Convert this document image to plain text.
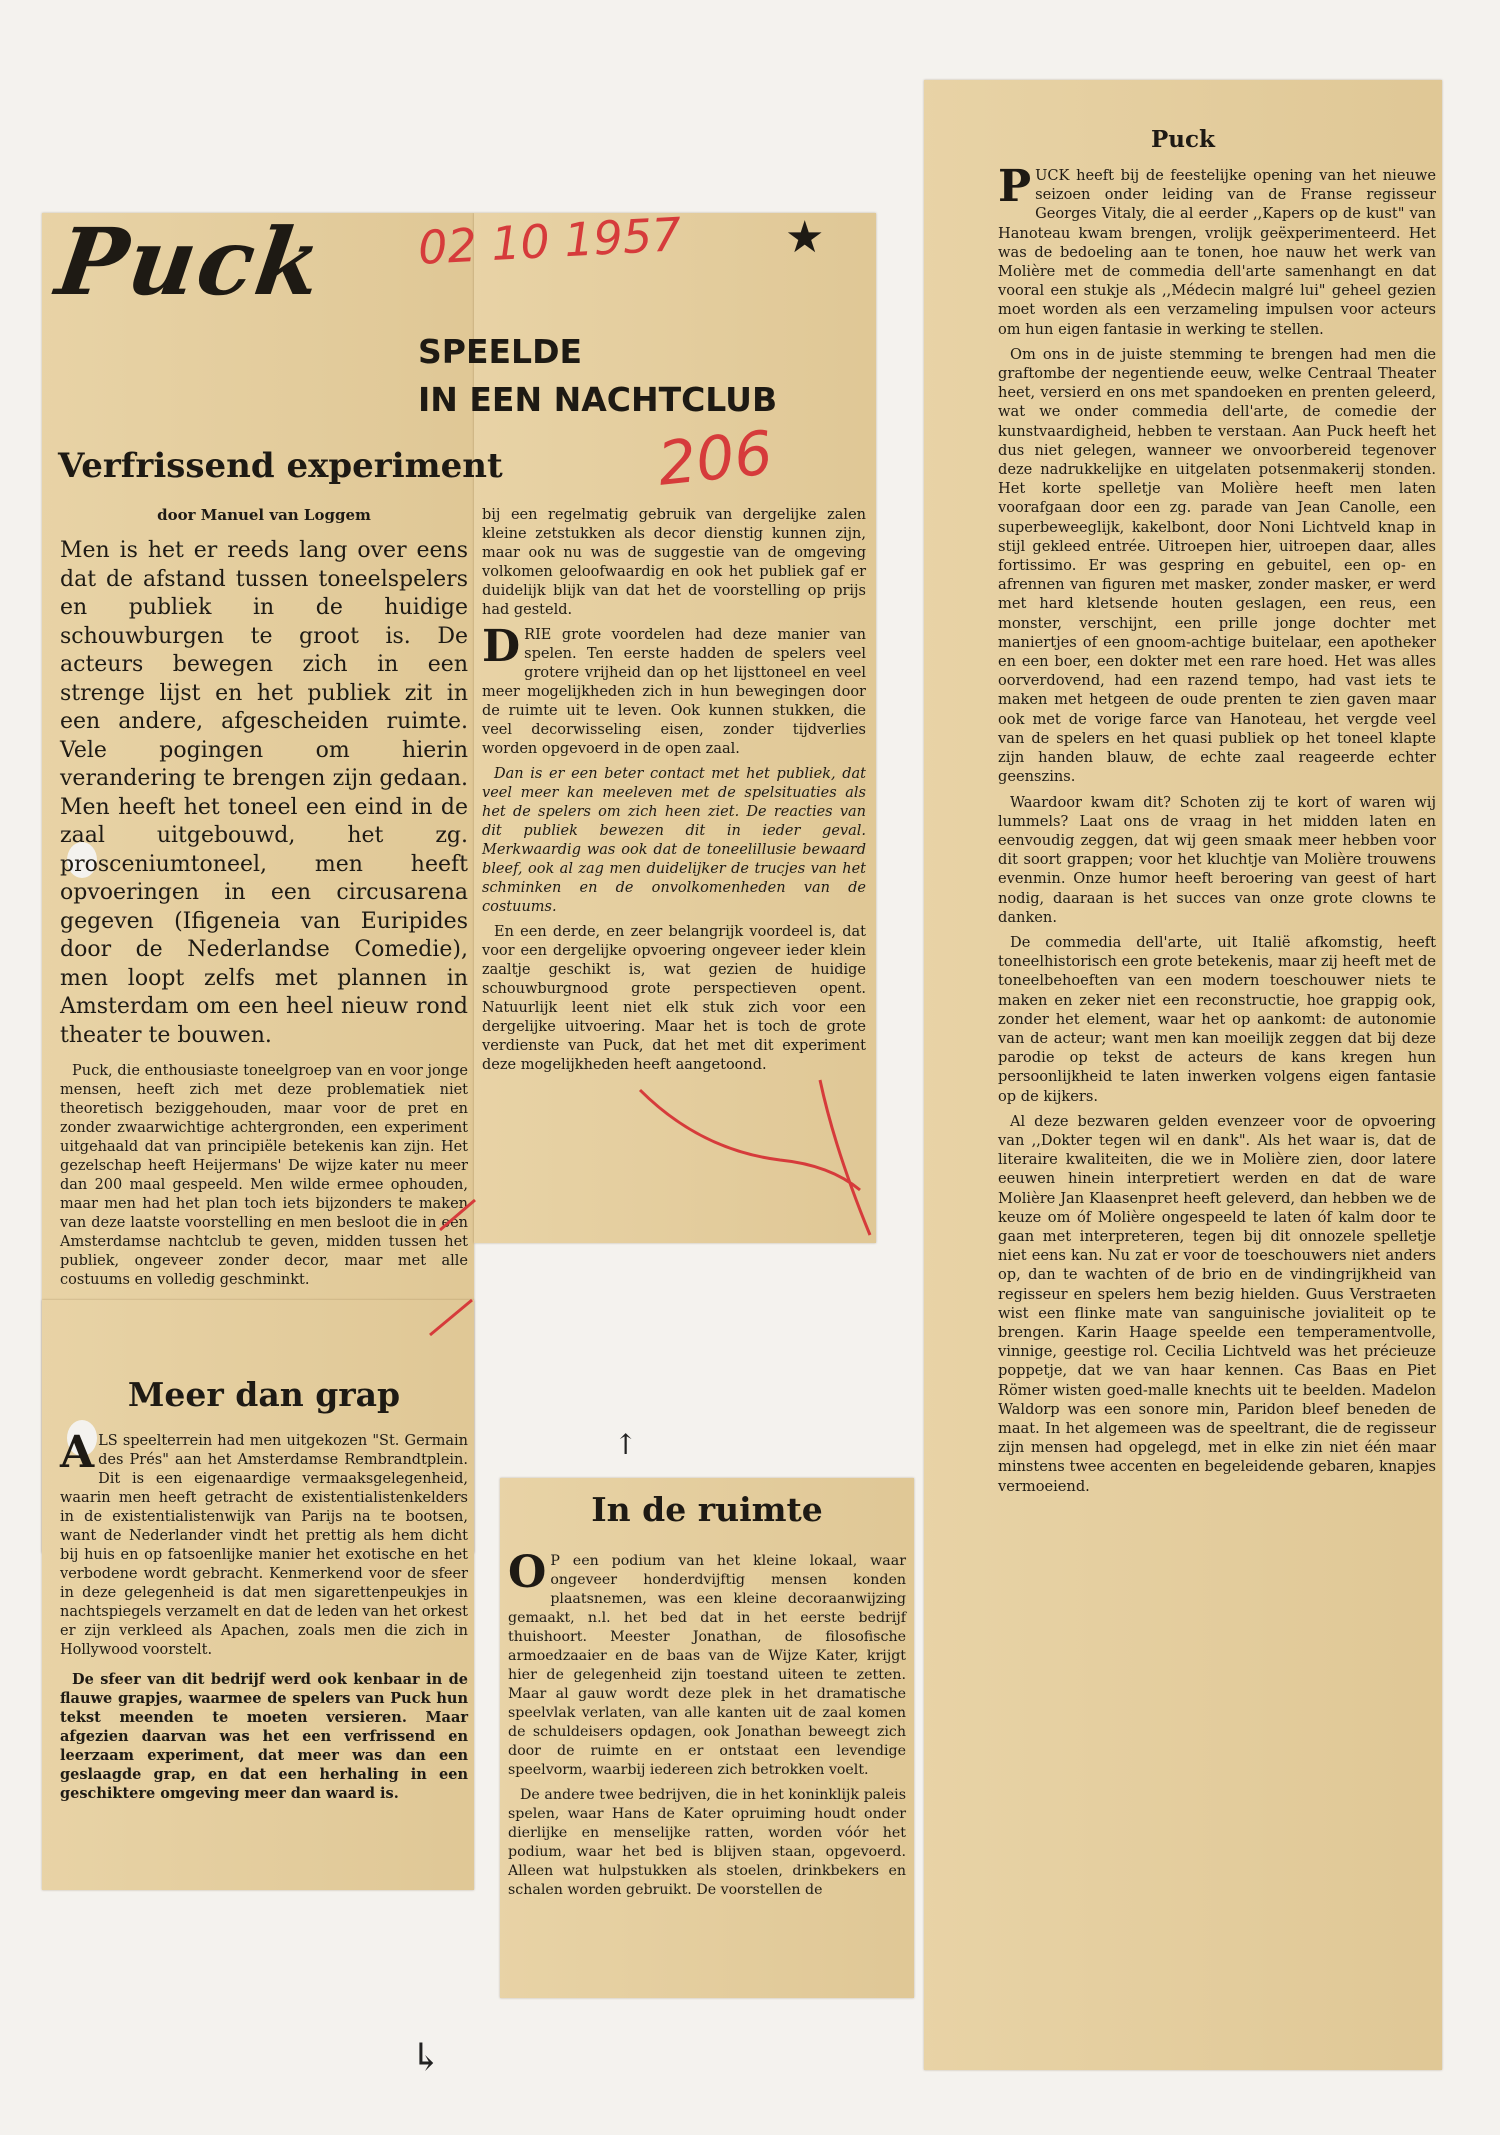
Puck	★
SPEELDE
IN EEN NACHTCLUB
Verfrissend experiment
door Manuel van Loggem

Men is het er reeds lang over eens dat de afstand tussen toneelspelers en publiek in de huidige schouwburgen te groot is. De acteurs bewegen zich in een strenge lijst en het publiek zit in een andere, afgescheiden ruimte. Vele pogingen om hierin verandering te brengen zijn gedaan. Men heeft het toneel een eind in de zaal uitgebouwd, het zg. prosceniumtoneel, men heeft opvoeringen in een circusarena gegeven (Ifigeneia van Euripides door de Nederlandse Comedie), men loopt zelfs met plannen in Amsterdam om een heel nieuw rond theater te bouwen.

Puck, die enthousiaste toneelgroep van en voor jonge mensen, heeft zich met deze problematiek niet theoretisch beziggehouden, maar voor de pret en zonder zwaarwichtige achtergronden, een experiment uitgehaald dat van principiële betekenis kan zijn. Het gezelschap heeft Heijermans' De wijze kater nu meer dan 200 maal gespeeld. Men wilde ermee ophouden, maar men had het plan toch iets bijzonders te maken van deze laatste voorstelling en men besloot die in een Amsterdamse nachtclub te geven, midden tussen het publiek, ongeveer zonder decor, maar met alle costuums en volledig geschminkt.

bij een regelmatig gebruik van dergelijke zalen kleine zetstukken als decor dienstig kunnen zijn, maar ook nu was de suggestie van de omgeving volkomen geloofwaardig en ook het publiek gaf er duidelijk blijk van dat het de voorstelling op prijs had gesteld.

DRIE grote voordelen had deze manier van spelen. Ten eerste hadden de spelers veel grotere vrijheid dan op het lijsttoneel en veel meer mogelijkheden zich in hun bewegingen door de ruimte uit te leven. Ook kunnen stukken, die veel decorwisseling eisen, zonder tijdverlies worden opgevoerd in de open zaal.

Dan is er een beter contact met het publiek, dat veel meer kan meeleven met de spelsituaties als het de spelers om zich heen ziet. De reacties van dit publiek bewezen dit in ieder geval. Merkwaardig was ook dat de toneelillusie bewaard bleef, ook al zag men duidelijker de trucjes van het schminken en de onvolkomenheden van de costuums.

En een derde, en zeer belangrijk voordeel is, dat voor een dergelijke opvoering ongeveer ieder klein zaaltje geschikt is, wat gezien de huidige schouwburgnood grote perspectieven opent. Natuurlijk leent niet elk stuk zich voor een dergelijke uitvoering. Maar het is toch de grote verdienste van Puck, dat het met dit experiment deze mogelijkheden heeft aangetoond.

Meer dan grap

ALS speelterrein had men uitgekozen "St. Germain des Prés" aan het Amsterdamse Rembrandtplein. Dit is een eigenaardige vermaaksgelegenheid, waarin men heeft getracht de existentialistenkelders in de existentialistenwijk van Parijs na te bootsen, want de Nederlander vindt het prettig als hem dicht bij huis en op fatsoenlijke manier het exotische en het verbodene wordt gebracht. Kenmerkend voor de sfeer in deze gelegenheid is dat men sigarettenpeukjes in nachtspiegels verzamelt en dat de leden van het orkest er zijn verkleed als Apachen, zoals men die zich in Hollywood voorstelt.

De sfeer van dit bedrijf werd ook kenbaar in de flauwe grapjes, waarmee de spelers van Puck hun tekst meenden te moeten versieren. Maar afgezien daarvan was het een verfrissend en leerzaam experiment, dat meer was dan een geslaagde grap, en dat een herhaling in een geschiktere omgeving meer dan waard is.

In de ruimte

O P een podium van het kleine lokaal, waar ongeveer honderdvijftig mensen konden plaatsnemen, was een kleine decoraanwijzing gemaakt, n.l. het bed dat in het eerste bedrijf thuishoort. Meester Jonathan, de filosofische armoedzaaier en de baas van de Wijze Kater, krijgt hier de gelegenheid zijn toestand uiteen te zetten. Maar al gauw wordt deze plek in het dramatische speelvlak verlaten, van alle kanten uit de zaal komen de schuldeisers opdagen, ook Jonathan beweegt zich door de ruimte en er ontstaat een levendige speelvorm, waarbij iedereen zich betrokken voelt.

De andere twee bedrijven, die in het koninklijk paleis spelen, waar Hans de Kater opruiming houdt onder dierlijke en menselijke ratten, worden vóór het podium, waar het bed is blijven staan, opgevoerd. Alleen wat hulpstukken als stoelen, drinkbekers en schalen worden gebruikt. De voorstellen de

Puck

PUCK heeft bij de feestelijke opening van het nieuwe seizoen onder leiding van de Franse regisseur Georges Vitaly, die al eerder ,,Kapers op de kust" van Hanoteau kwam brengen, vrolijk geëxperimenteerd. Het was de bedoeling aan te tonen, hoe nauw het werk van Molière met de commedia dell'arte samenhangt en dat vooral een stukje als ,,Médecin malgré lui" geheel gezien moet worden als een verzameling impulsen voor acteurs om hun eigen fantasie in werking te stellen.

Om ons in de juiste stemming te brengen had men die graftombe der negentiende eeuw, welke Centraal Theater heet, versierd en ons met spandoeken en prenten geleerd, wat we onder commedia dell'arte, de comedie der kunstvaardigheid, hebben te verstaan. Aan Puck heeft het dus niet gelegen, wanneer we onvoorbereid tegenover deze nadrukkelijke en uitgelaten potsenmakerij stonden. Het korte spelletje van Molière heeft men laten voorafgaan door een zg. parade van Jean Canolle, een superbeweeglijk, kakelbont, door Noni Lichtveld knap in stijl gekleed entrée. Uitroepen hier, uitroepen daar, alles fortissimo. Er was gespring en gebuitel, een op- en afrennen van figuren met masker, zonder masker, er werd met hard kletsende houten geslagen, een reus, een monster, verschijnt, een prille jonge dochter met maniertjes of een gnoom-achtige buitelaar, een apotheker en een boer, een dokter met een rare hoed. Het was alles oorverdovend, had een razend tempo, had vast iets te maken met hetgeen de oude prenten te zien gaven maar ook met de vorige farce van Hanoteau, het vergde veel van de spelers en het quasi publiek op het toneel klapte zijn handen blauw, de echte zaal reageerde echter geenszins.

Waardoor kwam dit? Schoten zij te kort of waren wij lummels? Laat ons de vraag in het midden laten en eenvoudig zeggen, dat wij geen smaak meer hebben voor dit soort grappen; voor het kluchtje van Molière trouwens evenmin. Onze humor heeft beroering van geest of hart nodig, daaraan is het succes van onze grote clowns te danken.

De commedia dell'arte, uit Italië afkomstig, heeft toneelhistorisch een grote betekenis, maar zij heeft met de toneelbehoeften van een modern toeschouwer niets te maken en zeker niet een reconstructie, hoe grappig ook, zonder het element, waar het op aankomt: de autonomie van de acteur; want men kan moeilijk zeggen dat bij deze parodie op tekst de acteurs de kans kregen hun persoonlijkheid te laten inwerken volgens eigen fantasie op de kijkers.

Al deze bezwaren gelden evenzeer voor de opvoering van ,,Dokter tegen wil en dank". Als het waar is, dat de literaire kwaliteiten, die we in Molière zien, door latere eeuwen hinein interpretiert werden en dat de ware Molière Jan Klaasenpret heeft geleverd, dan hebben we de keuze om óf Molière ongespeeld te laten óf kalm door te gaan met interpreteren, tegen bij dit onnozele spelletje niet eens kan. Nu zat er voor de toeschouwers niet anders op, dan te wachten of de brio en de vindingrijkheid van regisseur en spelers hem bezig hielden. Guus Verstraeten wist een flinke mate van sanguinische jovialiteit op te brengen. Karin Haage speelde een temperamentvolle, vinnige, geestige rol. Cecilia Lichtveld was het précieuze poppetje, dat we van haar kennen. Cas Baas en Piet Römer wisten goed-malle knechts uit te beelden. Madelon Waldorp was een sonore min, Paridon bleef beneden de maat. In het algemeen was de speeltrant, die de regisseur zijn mensen had opgelegd, met in elke zin niet één maar minstens twee accenten en begeleidende gebaren, knapjes vermoeiend.

02 10 1957
206
↑
↳
